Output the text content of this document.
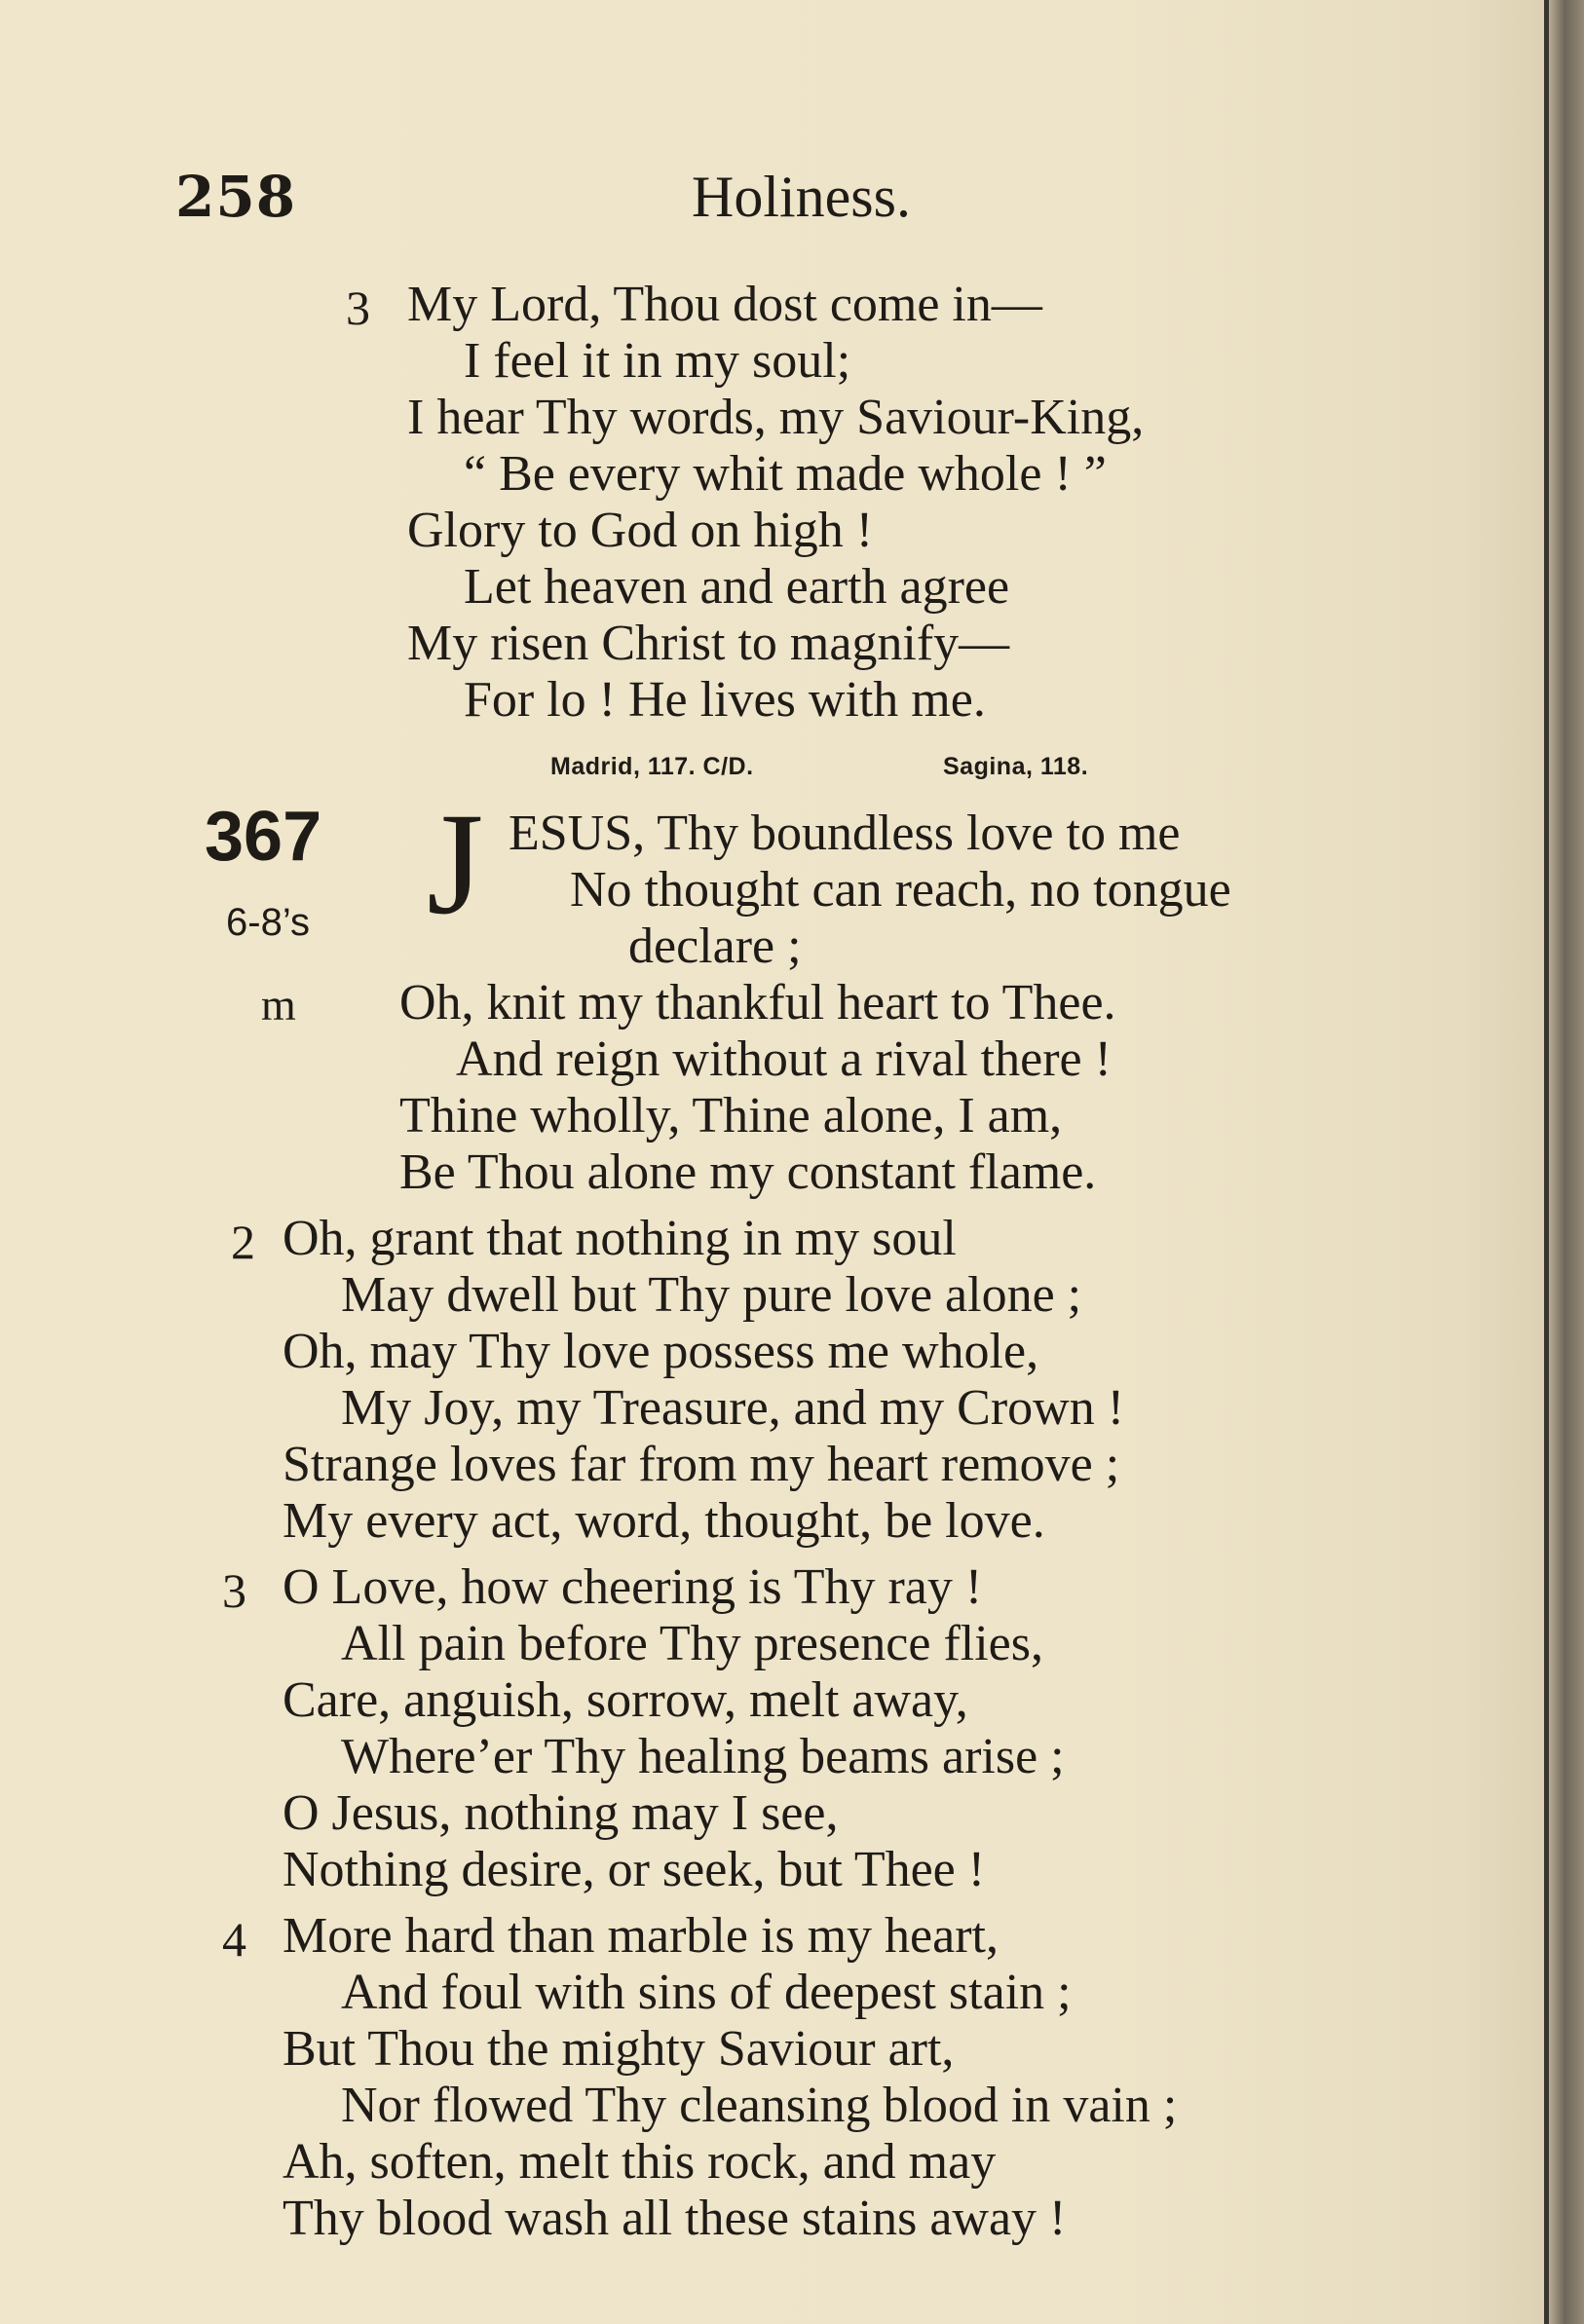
258	Holiness.
3 My Lord, Thou dost come in—
I feel it in my soul;
I hear Thy words, my Saviour-King,
“ Be every whit made whole ! ”
Glory to God on high !
Let heaven and earth agree
My risen Christ to magnify—
For lo ! He lives with me.
Madrid, 117. C/D.	Sagina, 118.
367
6-8’s
m
J ESUS, Thy boundless love to me
No thought can reach, no tongue
declare ;
Oh, knit my thankful heart to Thee.
And reign without a rival there !
Thine wholly, Thine alone, I am,
Be Thou alone my constant flame.
2 Oh, grant that nothing in my soul
May dwell but Thy pure love alone ;
Oh, may Thy love possess me whole,
My Joy, my Treasure, and my Crown !
Strange loves far from my heart remove ;
My every act, word, thought, be love.
3 O Love, how cheering is Thy ray !
All pain before Thy presence flies,
Care, anguish, sorrow, melt away,
Where’er Thy healing beams arise ;
O Jesus, nothing may I see,
Nothing desire, or seek, but Thee !
4 More hard than marble is my heart,
And foul with sins of deepest stain ;
But Thou the mighty Saviour art,
Nor flowed Thy cleansing blood in vain ;
Ah, soften, melt this rock, and may
Thy blood wash all these stains away !
